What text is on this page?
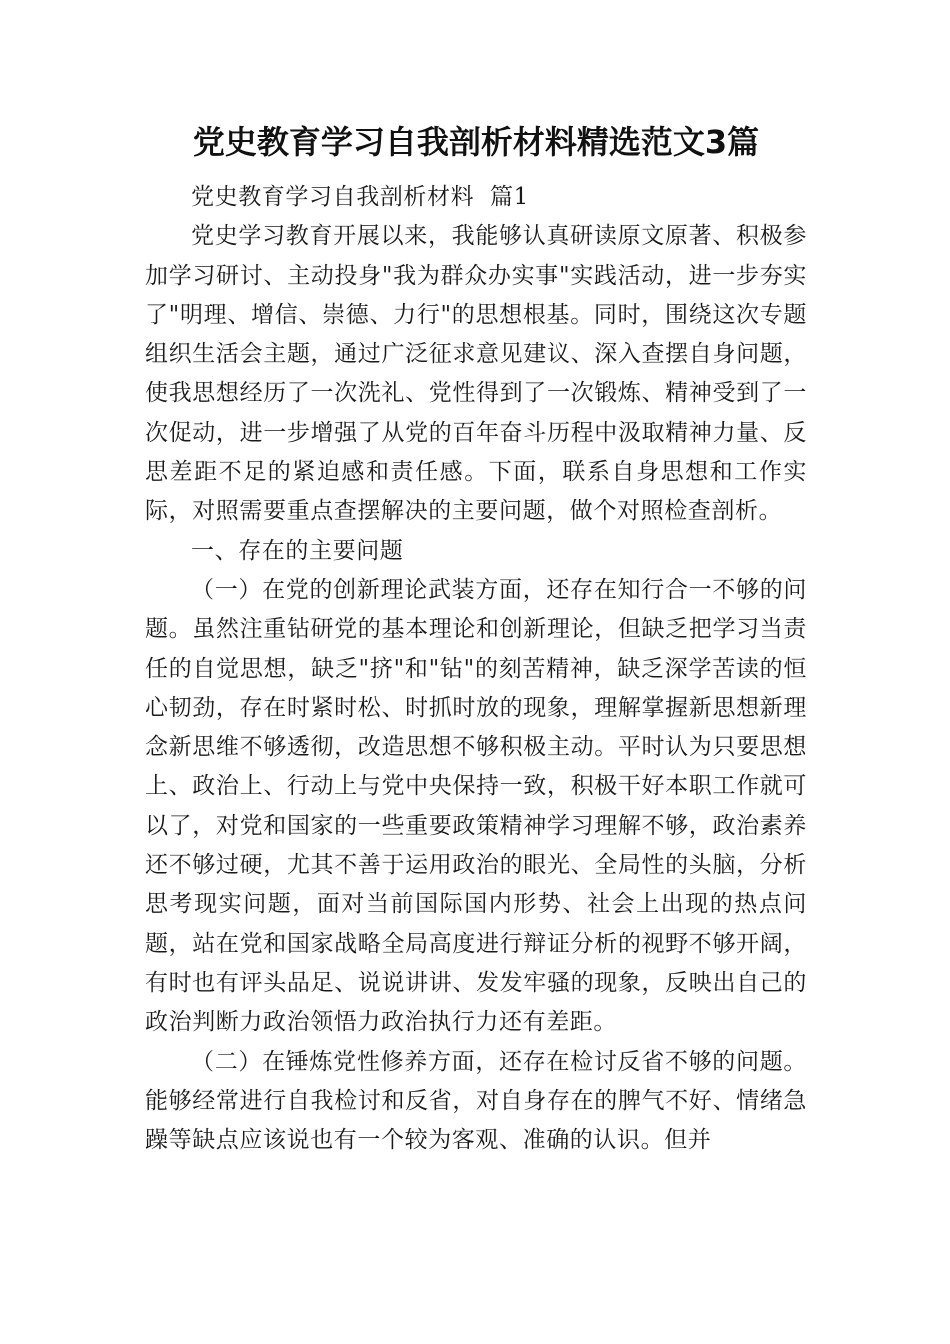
党史教育学习自我剖析材料精选范文3篇

党史教育学习自我剖析材料  篇1

党史学习教育开展以来，我能够认真研读原文原著、积极参加学习研讨、主动投身"我为群众办实事"实践活动，进一步夯实了"明理、增信、崇德、力行"的思想根基。同时，围绕这次专题组织生活会主题，通过广泛征求意见建议、深入查摆自身问题，使我思想经历了一次洗礼、党性得到了一次锻炼、精神受到了一次促动，进一步增强了从党的百年奋斗历程中汲取精神力量、反思差距不足的紧迫感和责任感。下面，联系自身思想和工作实际，对照需要重点查摆解决的主要问题，做个对照检查剖析。

一、存在的主要问题

（一）在党的创新理论武装方面，还存在知行合一不够的问题。虽然注重钻研党的基本理论和创新理论，但缺乏把学习当责任的自觉思想，缺乏"挤"和"钻"的刻苦精神，缺乏深学苦读的恒心韧劲，存在时紧时松、时抓时放的现象，理解掌握新思想新理念新思维不够透彻，改造思想不够积极主动。平时认为只要思想上、政治上、行动上与党中央保持一致，积极干好本职工作就可以了，对党和国家的一些重要政策精神学习理解不够，政治素养还不够过硬，尤其不善于运用政治的眼光、全局性的头脑，分析思考现实问题，面对当前国际国内形势、社会上出现的热点问题，站在党和国家战略全局高度进行辩证分析的视野不够开阔，有时也有评头品足、说说讲讲、发发牢骚的现象，反映出自己的政治判断力政治领悟力政治执行力还有差距。

（二）在锤炼党性修养方面，还存在检讨反省不够的问题。能够经常进行自我检讨和反省，对自身存在的脾气不好、情绪急躁等缺点应该说也有一个较为客观、准确的认识。但并
